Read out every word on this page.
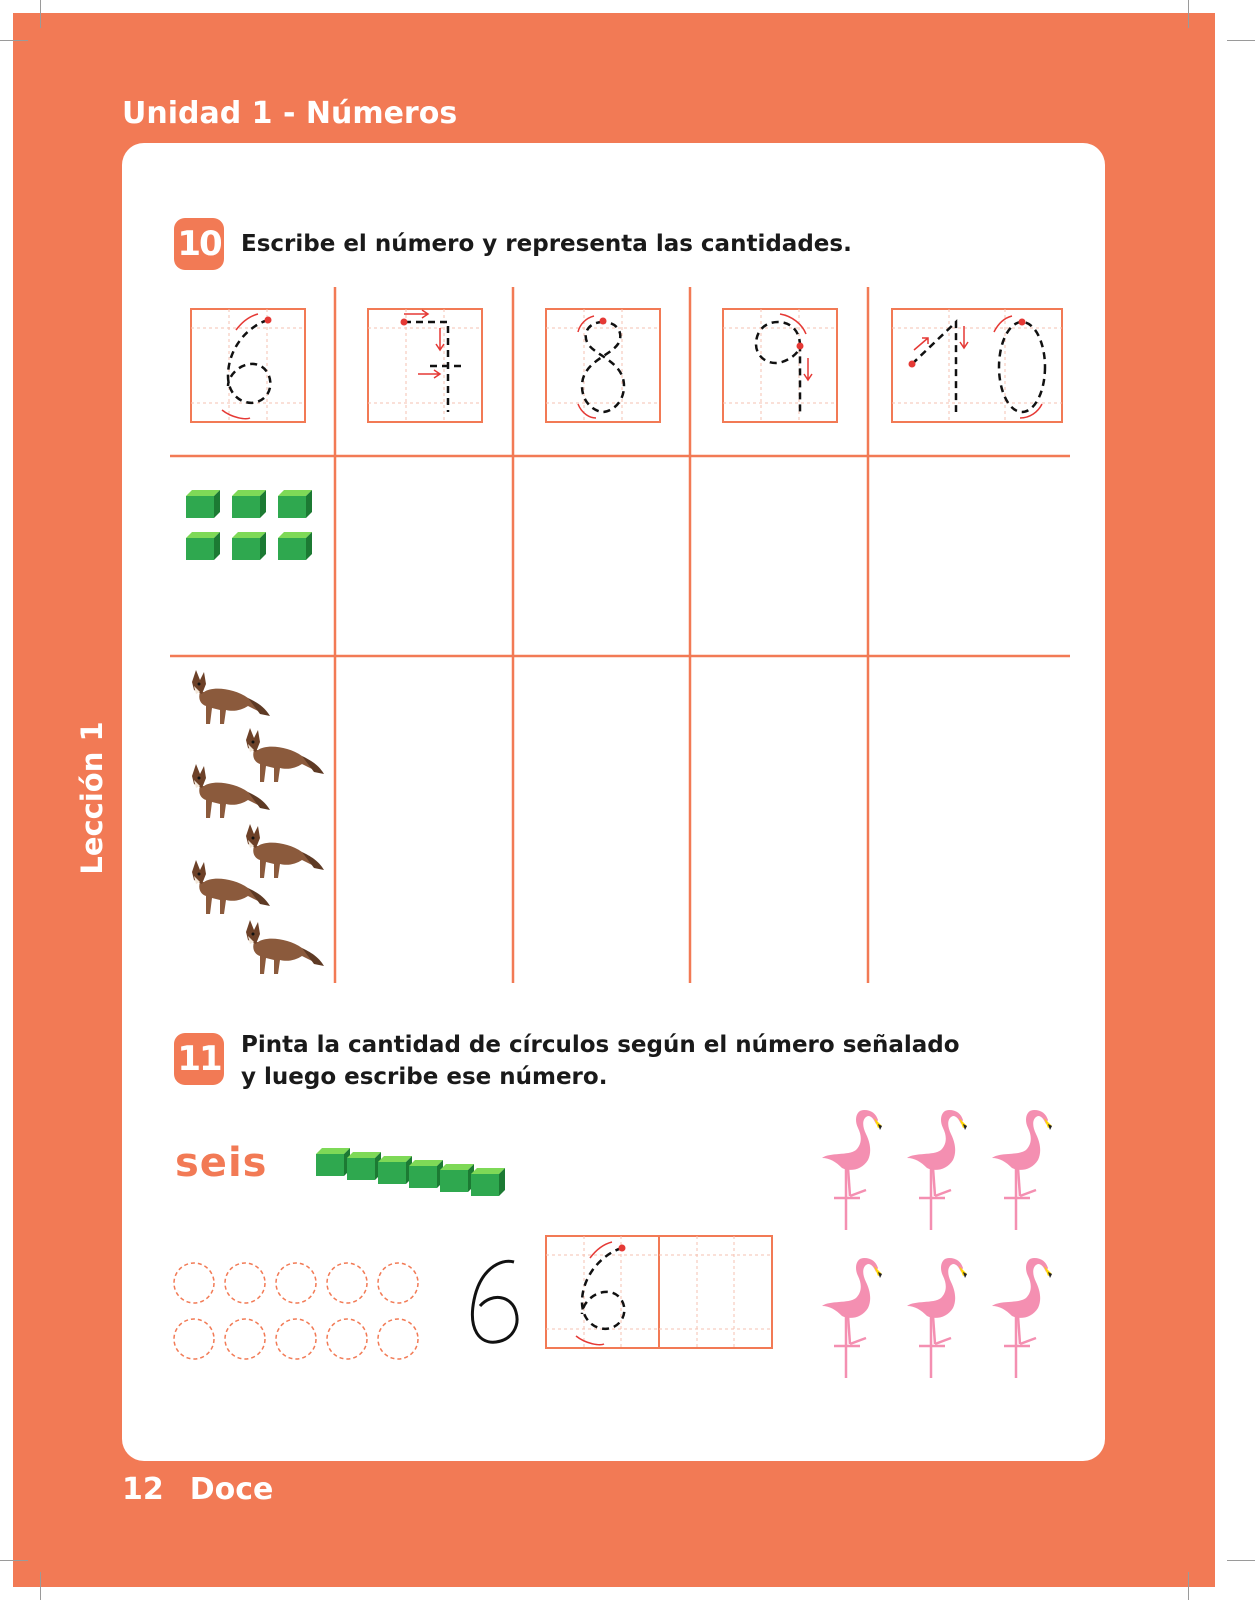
Unidad 1 - Números
Lección 1
10 Escribe el número y representa las cantidades.
11 Pinta la cantidad de círculos según el número señalado
y luego escribe ese número.
seis
12 Doce
